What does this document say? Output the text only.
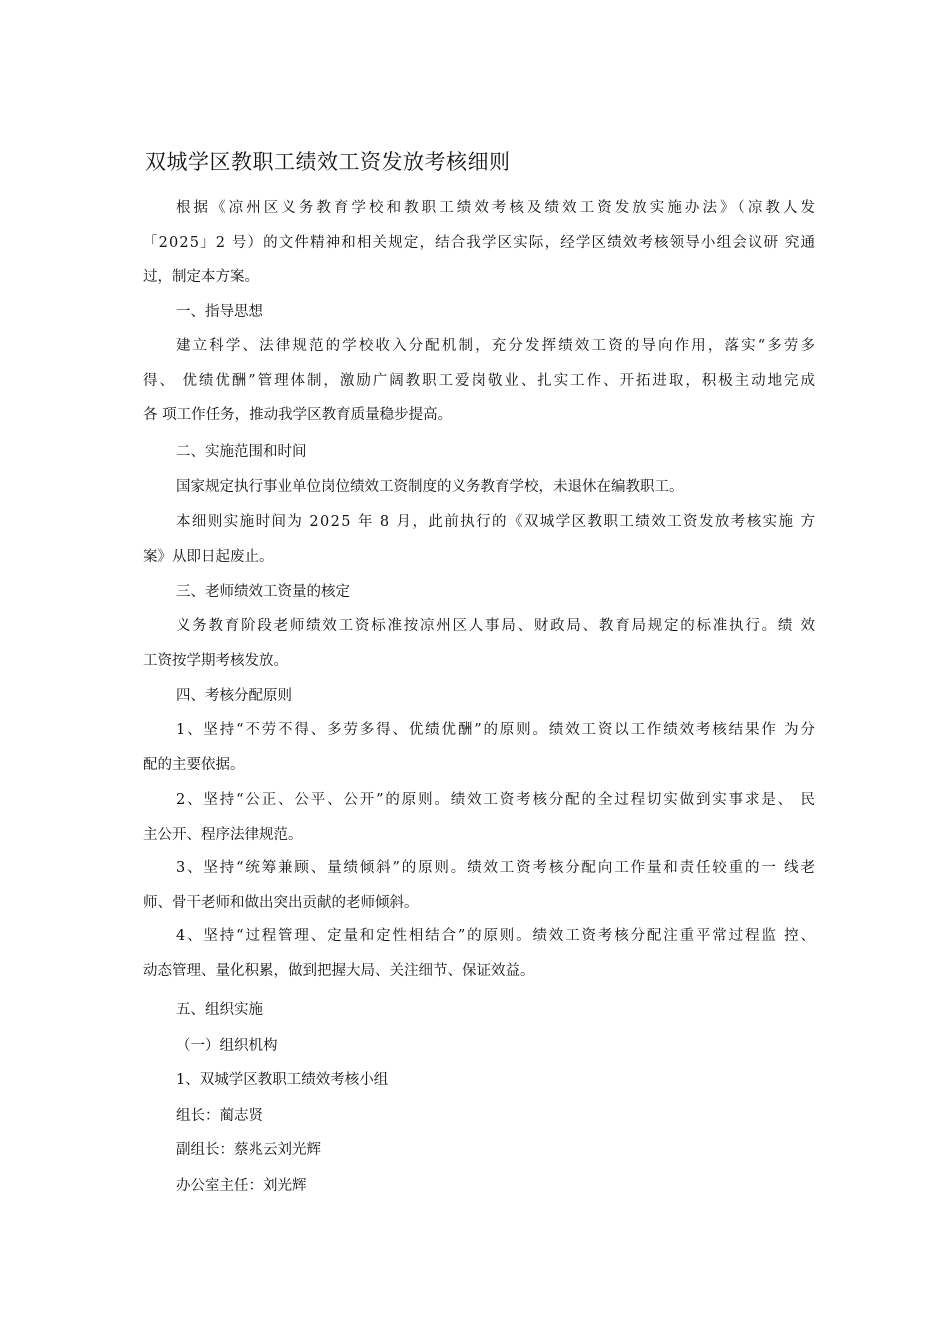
双城学区教职工绩效工资发放考核细则
根据《凉州区义务教育学校和教职工绩效考核及绩效工资发放实施办法》（凉教人发
「2025」2 号）的文件精神和相关规定，结合我学区实际，经学区绩效考核领导小组会议研 究通
过，制定本方案。
一、指导思想
建立科学、法律规范的学校收入分配机制，充分发挥绩效工资的导向作用，落实“多劳多
得、 优绩优酬”管理体制，激励广阔教职工爱岗敬业、扎实工作、开拓进取，积极主动地完成
各 项工作任务，推动我学区教育质量稳步提高。
二、实施范围和时间
国家规定执行事业单位岗位绩效工资制度的义务教育学校，未退休在编教职工。
本细则实施时间为 2025 年 8 月，此前执行的《双城学区教职工绩效工资发放考核实施 方
案》从即日起废止。
三、老师绩效工资量的核定
义务教育阶段老师绩效工资标准按凉州区人事局、财政局、教育局规定的标准执行。绩 效
工资按学期考核发放。
四、考核分配原则
1、坚持“不劳不得、多劳多得、优绩优酬”的原则。绩效工资以工作绩效考核结果作 为分
配的主要依据。
2、坚持“公正、公平、公开”的原则。绩效工资考核分配的全过程切实做到实事求是、 民
主公开、程序法律规范。
3、坚持“统筹兼顾、量绩倾斜”的原则。绩效工资考核分配向工作量和责任较重的一 线老
师、骨干老师和做出突出贡献的老师倾斜。
4、坚持“过程管理、定量和定性相结合”的原则。绩效工资考核分配注重平常过程监 控、
动态管理、量化积累，做到把握大局、关注细节、保证效益。
五、组织实施
（一）组织机构
1、双城学区教职工绩效考核小组
组长：蔺志贤
副组长：蔡兆云刘光辉
办公室主任：刘光辉
